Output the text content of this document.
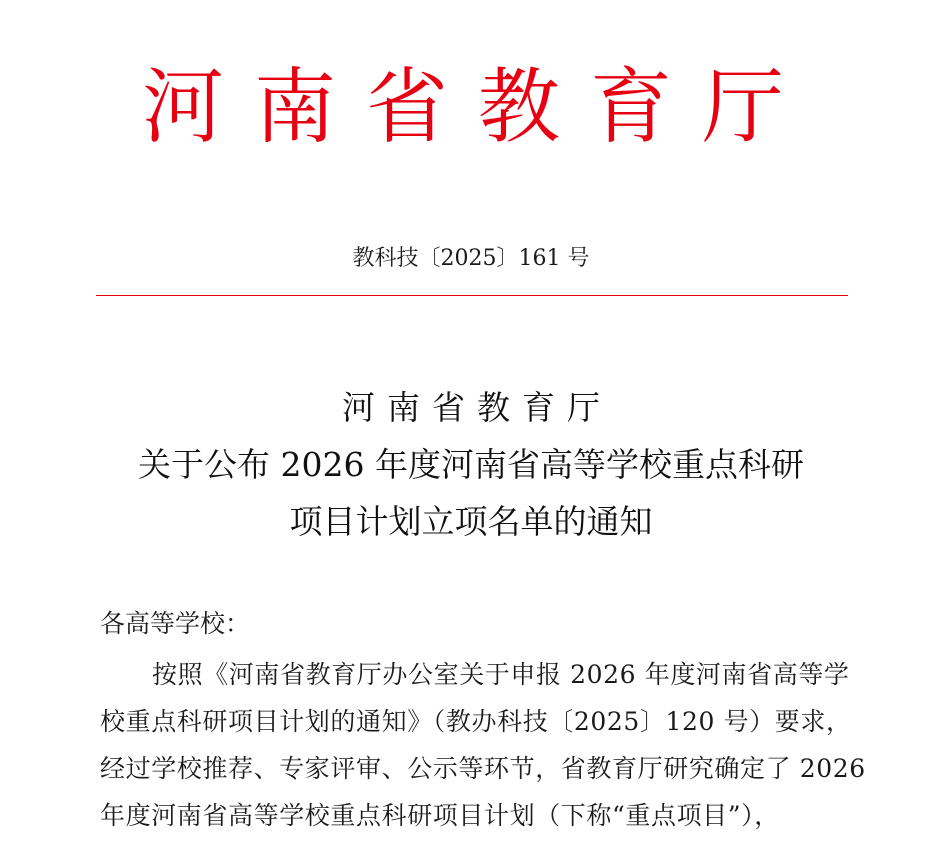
河南省教育厅
教科技〔2025〕161 号
河南省教育厅
关于公布 2026 年度河南省高等学校重点科研
项目计划立项名单的通知
各高等学校：
按照《河南省教育厅办公室关于申报 2026 年度河南省高等学
校重点科研项目计划的通知》（教办科技〔2025〕120 号）要求，
经过学校推荐、专家评审、公示等环节，省教育厅研究确定了 2026
年度河南省高等学校重点科研项目计划（下称“重点项目”），
